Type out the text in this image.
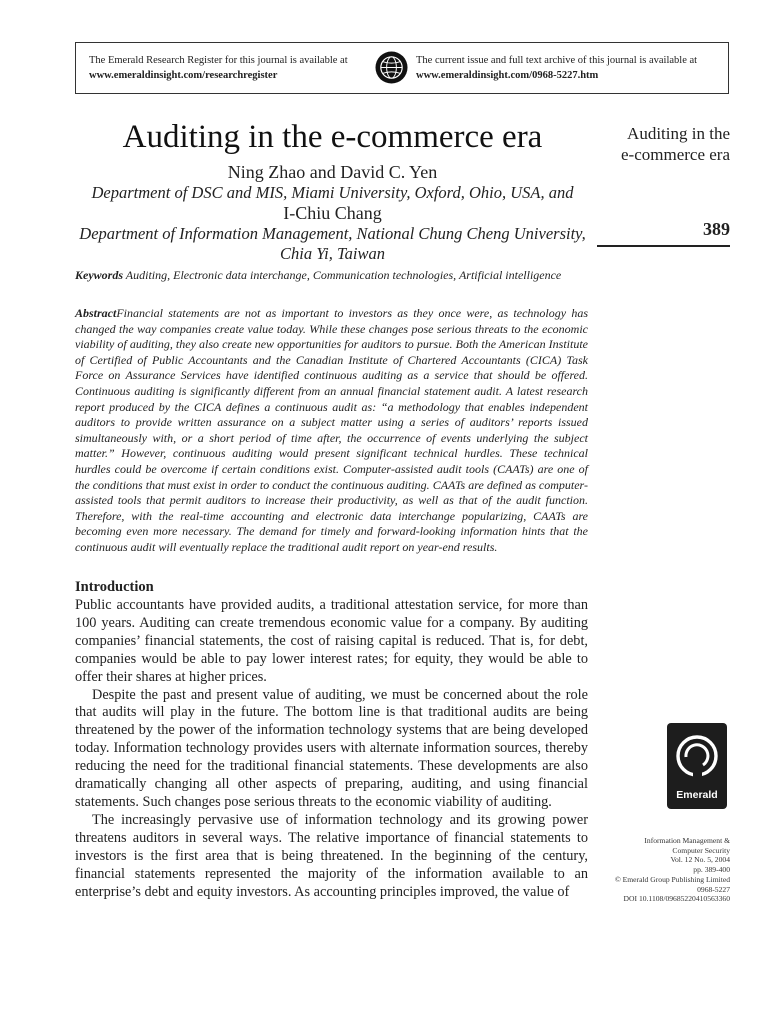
The Emerald Research Register for this journal is available at
www.emeraldinsight.com/researchregister
The current issue and full text archive of this journal is available at
www.emeraldinsight.com/0968-5227.htm
Auditing in the e-commerce era
Ning Zhao and David C. Yen
Department of DSC and MIS, Miami University, Oxford, Ohio, USA, and
I-Chiu Chang
Department of Information Management, National Chung Cheng University,
Chia Yi, Taiwan
Auditing in the
e-commerce era
389
Keywords Auditing, Electronic data interchange, Communication technologies, Artificial intelligence

AbstractFinancial statements are not as important to investors as they once were, as technology has changed the way companies create value today. While these changes pose serious threats to the economic viability of auditing, they also create new opportunities for auditors to pursue. Both the American Institute of Certified of Public Accountants and the Canadian Institute of Chartered Accountants (CICA) Task Force on Assurance Services have identified continuous auditing as a service that should be offered. Continuous auditing is significantly different from an annual financial statement audit. A latest research report produced by the CICA defines a continuous audit as: “a methodology that enables independent auditors to provide written assurance on a subject matter using a series of auditors’ reports issued simultaneously with, or a short period of time after, the occurrence of events underlying the subject matter.” However, continuous auditing would present significant technical hurdles. These technical hurdles could be overcome if certain conditions exist. Computer-assisted audit tools (CAATs) are one of the conditions that must exist in order to conduct the continuous auditing. CAATs are defined as computer-assisted tools that permit auditors to increase their productivity, as well as that of the audit function. Therefore, with the real-time accounting and electronic data interchange popularizing, CAATs are becoming even more necessary. The demand for timely and forward-looking information hints that the continuous audit will eventually replace the traditional audit report on year-end results.

Introduction

Public accountants have provided audits, a traditional attestation service, for more than 100 years. Auditing can create tremendous economic value for a company. By auditing companies’ financial statements, the cost of raising capital is reduced. That is, for debt, companies would be able to pay lower interest rates; for equity, they would be able to offer their shares at higher prices.

Despite the past and present value of auditing, we must be concerned about the role that audits will play in the future. The bottom line is that traditional audits are being threatened by the power of the information technology systems that are being developed today. Information technology provides users with alternate information sources, thereby reducing the need for the traditional financial statements. These developments are also dramatically changing all other aspects of preparing, auditing, and using financial statements. Such changes pose serious threats to the economic viability of auditing.

The increasingly pervasive use of information technology and its growing power threatens auditors in several ways. The relative importance of financial statements to investors is the first area that is being threatened. In the beginning of the century, financial statements represented the majority of the information available to an enterprise’s debt and equity investors. As accounting principles improved, the value of

Emerald
Information Management &
Computer Security
Vol. 12 No. 5, 2004
pp. 389-400
© Emerald Group Publishing Limited
0968-5227
DOI 10.1108/09685220410563360
